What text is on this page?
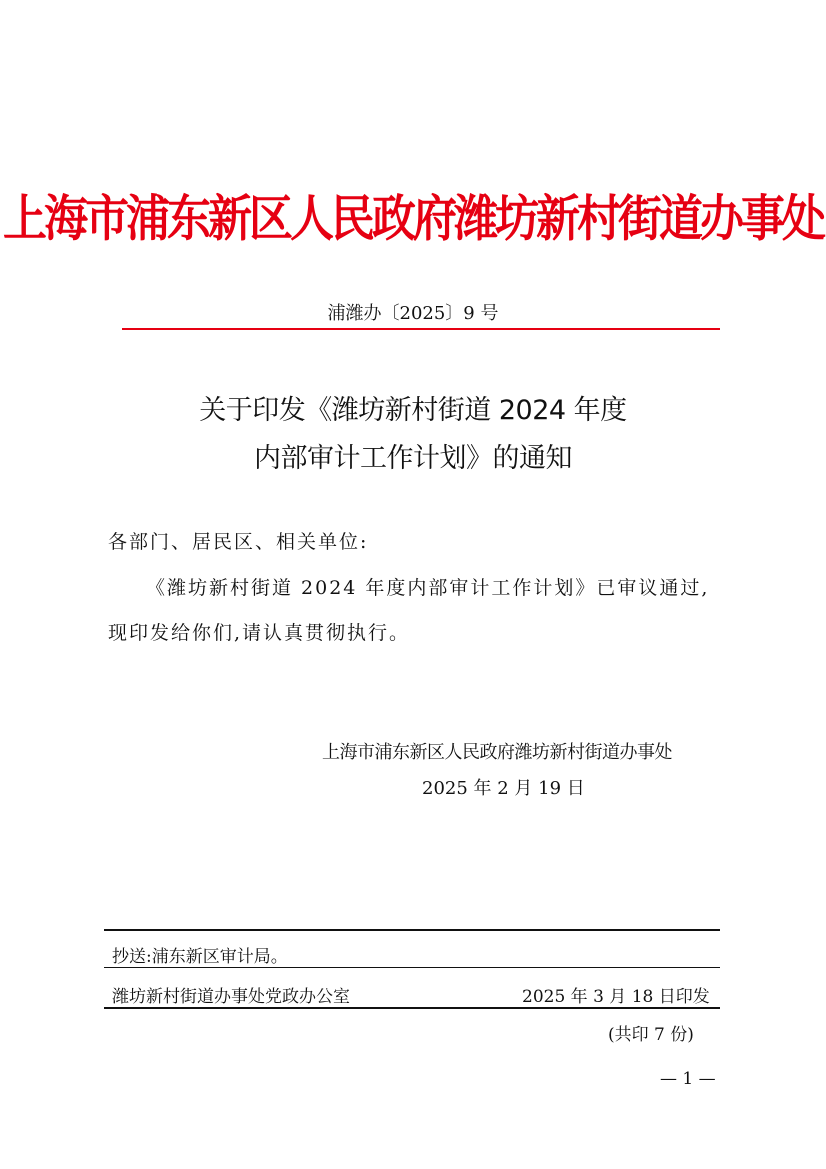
上海市浦东新区人民政府潍坊新村街道办事处
浦潍办〔2025〕9 号
关于印发《潍坊新村街道 2024 年度
内部审计工作计划》的通知
各部门、居民区、相关单位:
《潍坊新村街道 2024 年度内部审计工作计划》已审议通过,
现印发给你们,请认真贯彻执行。
上海市浦东新区人民政府潍坊新村街道办事处
2025 年 2 月 19 日
抄送:浦东新区审计局。
潍坊新村街道办事处党政办公室	2025 年 3 月 18 日印发
(共印 7 份)
— 1 —
